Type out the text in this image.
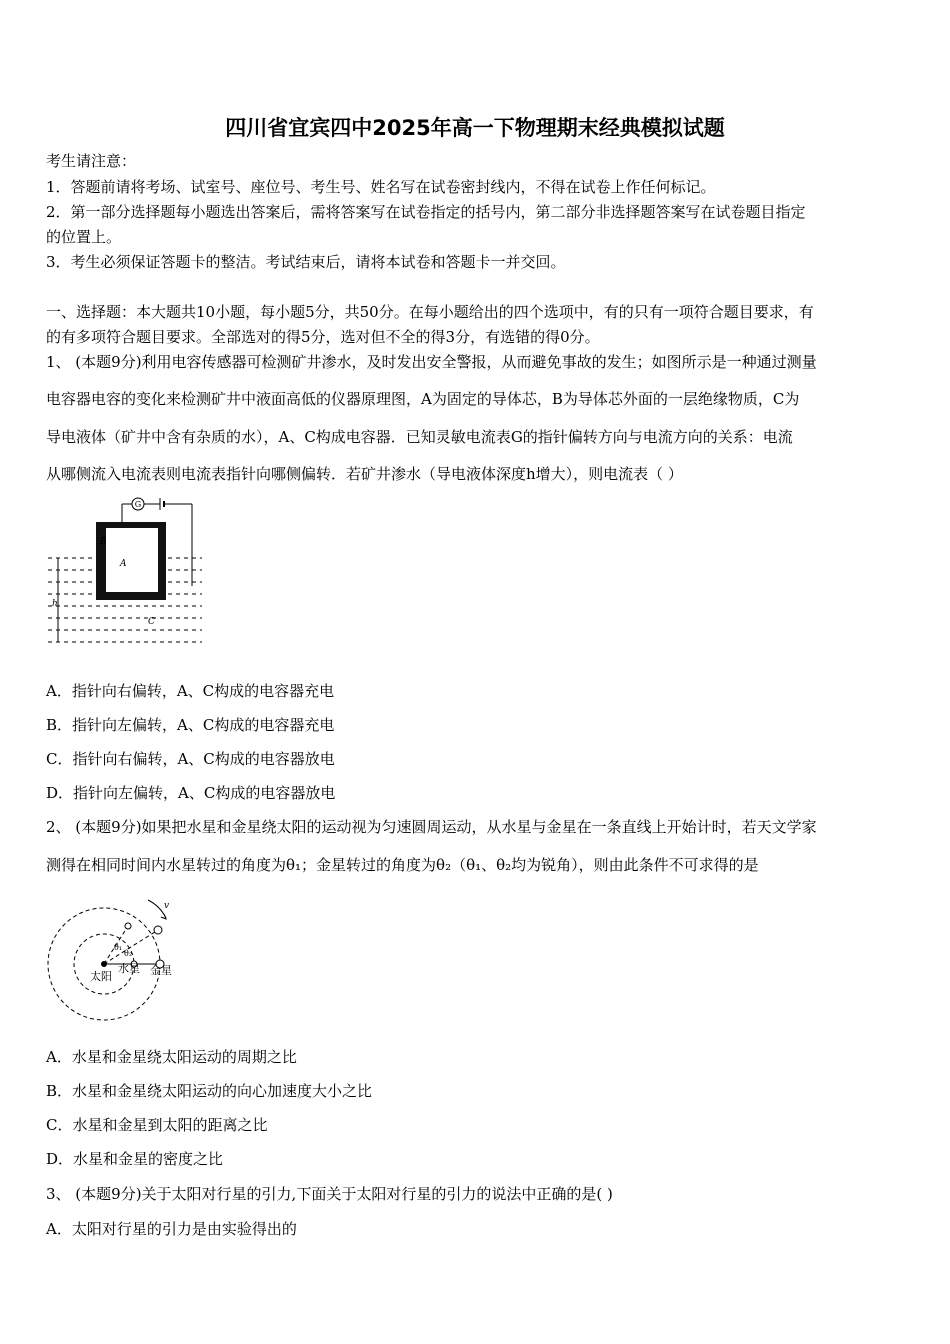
四川省宜宾四中2025年高一下物理期末经典模拟试题
考生请注意：
1．答题前请将考场、试室号、座位号、考生号、姓名写在试卷密封线内，不得在试卷上作任何标记。
2．第一部分选择题每小题选出答案后，需将答案写在试卷指定的括号内，第二部分非选择题答案写在试卷题目指定
的位置上。
3．考生必须保证答题卡的整洁。考试结束后，请将本试卷和答题卡一并交回。
一、选择题：本大题共10小题，每小题5分，共50分。在每小题给出的四个选项中，有的只有一项符合题目要求，有
的有多项符合题目要求。全部选对的得5分，选对但不全的得3分，有选错的得0分。
1、 (本题9分)利用电容传感器可检测矿井渗水，及时发出安全警报，从而避免事故的发生；如图所示是一种通过测量
电容器电容的变化来检测矿井中液面高低的仪器原理图，A为固定的导体芯，B为导体芯外面的一层绝缘物质，C为
导电液体（矿井中含有杂质的水），A、C构成电容器．已知灵敏电流表G的指针偏转方向与电流方向的关系：电流
从哪侧流入电流表则电流表指针向哪侧偏转．若矿井渗水（导电液体深度h增大），则电流表（ ）
G
B
A
h
C
A．指针向右偏转，A、C构成的电容器充电
B．指针向左偏转，A、C构成的电容器充电
C．指针向右偏转，A、C构成的电容器放电
D．指针向左偏转，A、C构成的电容器放电
2、 (本题9分)如果把水星和金星绕太阳的运动视为匀速圆周运动，从水星与金星在一条直线上开始计时，若天文学家
测得在相同时间内水星转过的角度为θ₁；金星转过的角度为θ₂（θ₁、θ₂均为锐角），则由此条件不可求得的是
v
θ₁
θ₂
太阳
水星 金星
A．水星和金星绕太阳运动的周期之比
B．水星和金星绕太阳运动的向心加速度大小之比
C．水星和金星到太阳的距离之比
D．水星和金星的密度之比
3、 (本题9分)关于太阳对行星的引力,下面关于太阳对行星的引力的说法中正确的是( )
A．太阳对行星的引力是由实验得出的
